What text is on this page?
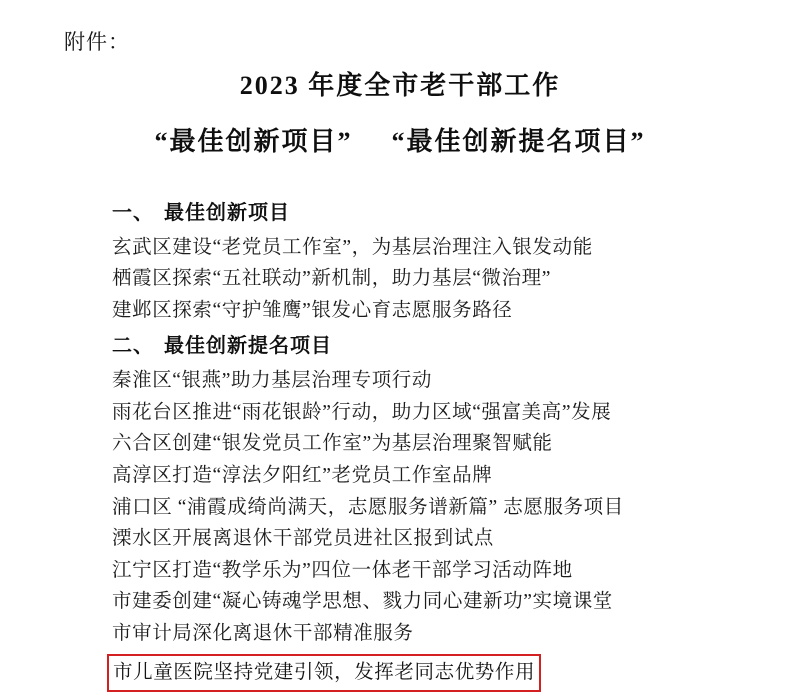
附件：
2023 年度全市老干部工作
“最佳创新项目” “最佳创新提名项目”
一、 最佳创新项目
玄武区建设“老党员工作室”，为基层治理注入银发动能
栖霞区探索“五社联动”新机制，助力基层“微治理”
建邺区探索“守护雏鹰”银发心育志愿服务路径
二、 最佳创新提名项目
秦淮区“银燕”助力基层治理专项行动
雨花台区推进“雨花银龄”行动，助力区域“强富美高”发展
六合区创建“银发党员工作室”为基层治理聚智赋能
高淳区打造“淳法夕阳红”老党员工作室品牌
浦口区 “浦霞成绮尚满天，志愿服务谱新篇” 志愿服务项目
溧水区开展离退休干部党员进社区报到试点
江宁区打造“教学乐为”四位一体老干部学习活动阵地
市建委创建“凝心铸魂学思想、戮力同心建新功”实境课堂
市审计局深化离退休干部精准服务
市儿童医院坚持党建引领，发挥老同志优势作用
